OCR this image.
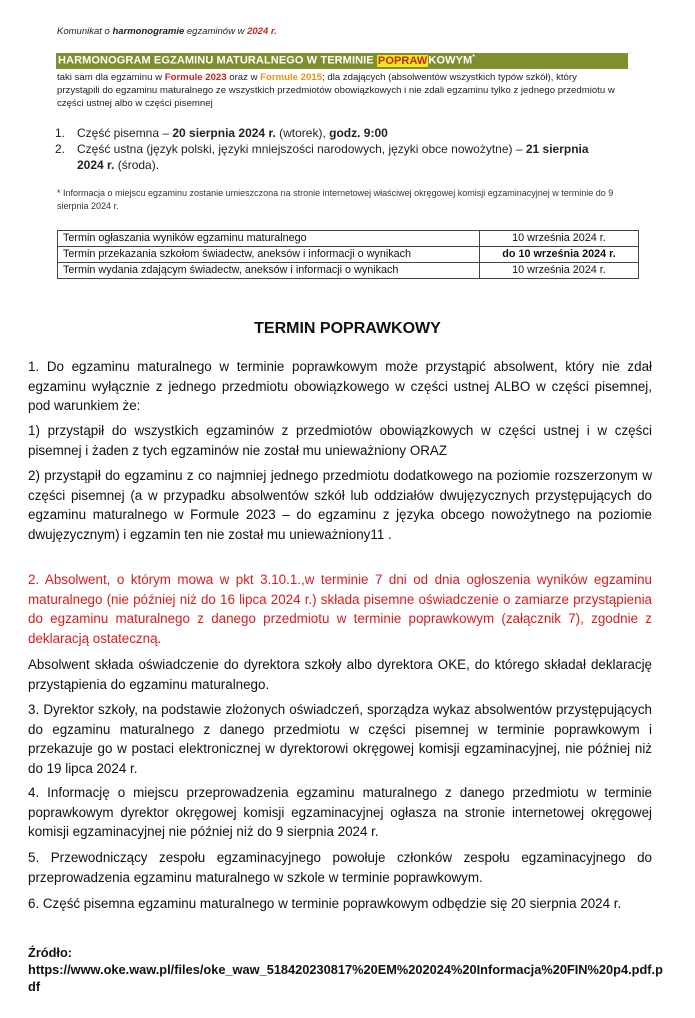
Komunikat o harmonogramie egzaminów w 2024 r.
HARMONOGRAM EGZAMINU MATURALNEGO W TERMINIE POPRAWKOWYM*
taki sam dla egzaminu w Formule 2023 oraz w Formule 2015; dla zdających (absolwentów wszystkich typów szkół), który przystąpili do egzaminu maturalnego ze wszystkich przedmiotów obowiązkowych i nie zdali egzaminu tylko z jednego przedmiotu w części ustnej albo w części pisemnej
1. Część pisemna – 20 sierpnia 2024 r. (wtorek), godz. 9:00
2. Część ustna (język polski, języki mniejszości narodowych, języki obce nowożytne) – 21 sierpnia 2024 r. (środa).
* Informacja o miejscu egzaminu zostanie umieszczona na stronie internetowej właściwej okręgowej komisji egzaminacyjnej w terminie do 9 sierpnia 2024 r.
Termin ogłaszania wyników egzaminu maturalnego	10 września 2024 r.
Termin przekazania szkołom świadectw, aneksów i informacji o wynikach	do 10 września 2024 r.
Termin wydania zdającym świadectw, aneksów i informacji o wynikach	10 września 2024 r.
TERMIN POPRAWKOWY
1. Do egzaminu maturalnego w terminie poprawkowym może przystąpić absolwent, który nie zdał egzaminu wyłącznie z jednego przedmiotu obowiązkowego w części ustnej ALBO w części pisemnej, pod warunkiem że:
1) przystąpił do wszystkich egzaminów z przedmiotów obowiązkowych w części ustnej i w części pisemnej i żaden z tych egzaminów nie został mu unieważniony ORAZ
2) przystąpił do egzaminu z co najmniej jednego przedmiotu dodatkowego na poziomie rozszerzonym w części pisemnej (a w przypadku absolwentów szkół lub oddziałów dwujęzycznych przystępujących do egzaminu maturalnego w Formule 2023 – do egzaminu z języka obcego nowożytnego na poziomie dwujęzycznym) i egzamin ten nie został mu unieważniony11 .
2. Absolwent, o którym mowa w pkt 3.10.1.,w terminie 7 dni od dnia ogłoszenia wyników egzaminu maturalnego (nie później niż do 16 lipca 2024 r.) składa pisemne oświadczenie o zamiarze przystąpienia do egzaminu maturalnego z danego przedmiotu w terminie poprawkowym (załącznik 7), zgodnie z deklaracją ostateczną.
Absolwent składa oświadczenie do dyrektora szkoły albo dyrektora OKE, do którego składał deklarację przystąpienia do egzaminu maturalnego.
3. Dyrektor szkoły, na podstawie złożonych oświadczeń, sporządza wykaz absolwentów przystępujących do egzaminu maturalnego z danego przedmiotu w części pisemnej w terminie poprawkowym i przekazuje go w postaci elektronicznej w dyrektorowi okręgowej komisji egzaminacyjnej, nie później niż do 19 lipca 2024 r.
4. Informację o miejscu przeprowadzenia egzaminu maturalnego z danego przedmiotu w terminie poprawkowym dyrektor okręgowej komisji egzaminacyjnej ogłasza na stronie internetowej okręgowej komisji egzaminacyjnej nie później niż do 9 sierpnia 2024 r.
5. Przewodniczący zespołu egzaminacyjnego powołuje członków zespołu egzaminacyjnego do przeprowadzenia egzaminu maturalnego w szkole w terminie poprawkowym.
6. Część pisemna egzaminu maturalnego w terminie poprawkowym odbędzie się 20 sierpnia 2024 r.
Źródło:
https://www.oke.waw.pl/files/oke_waw_518420230817%20EM%202024%20Informacja%20FIN%20p4.pdf.pdf
